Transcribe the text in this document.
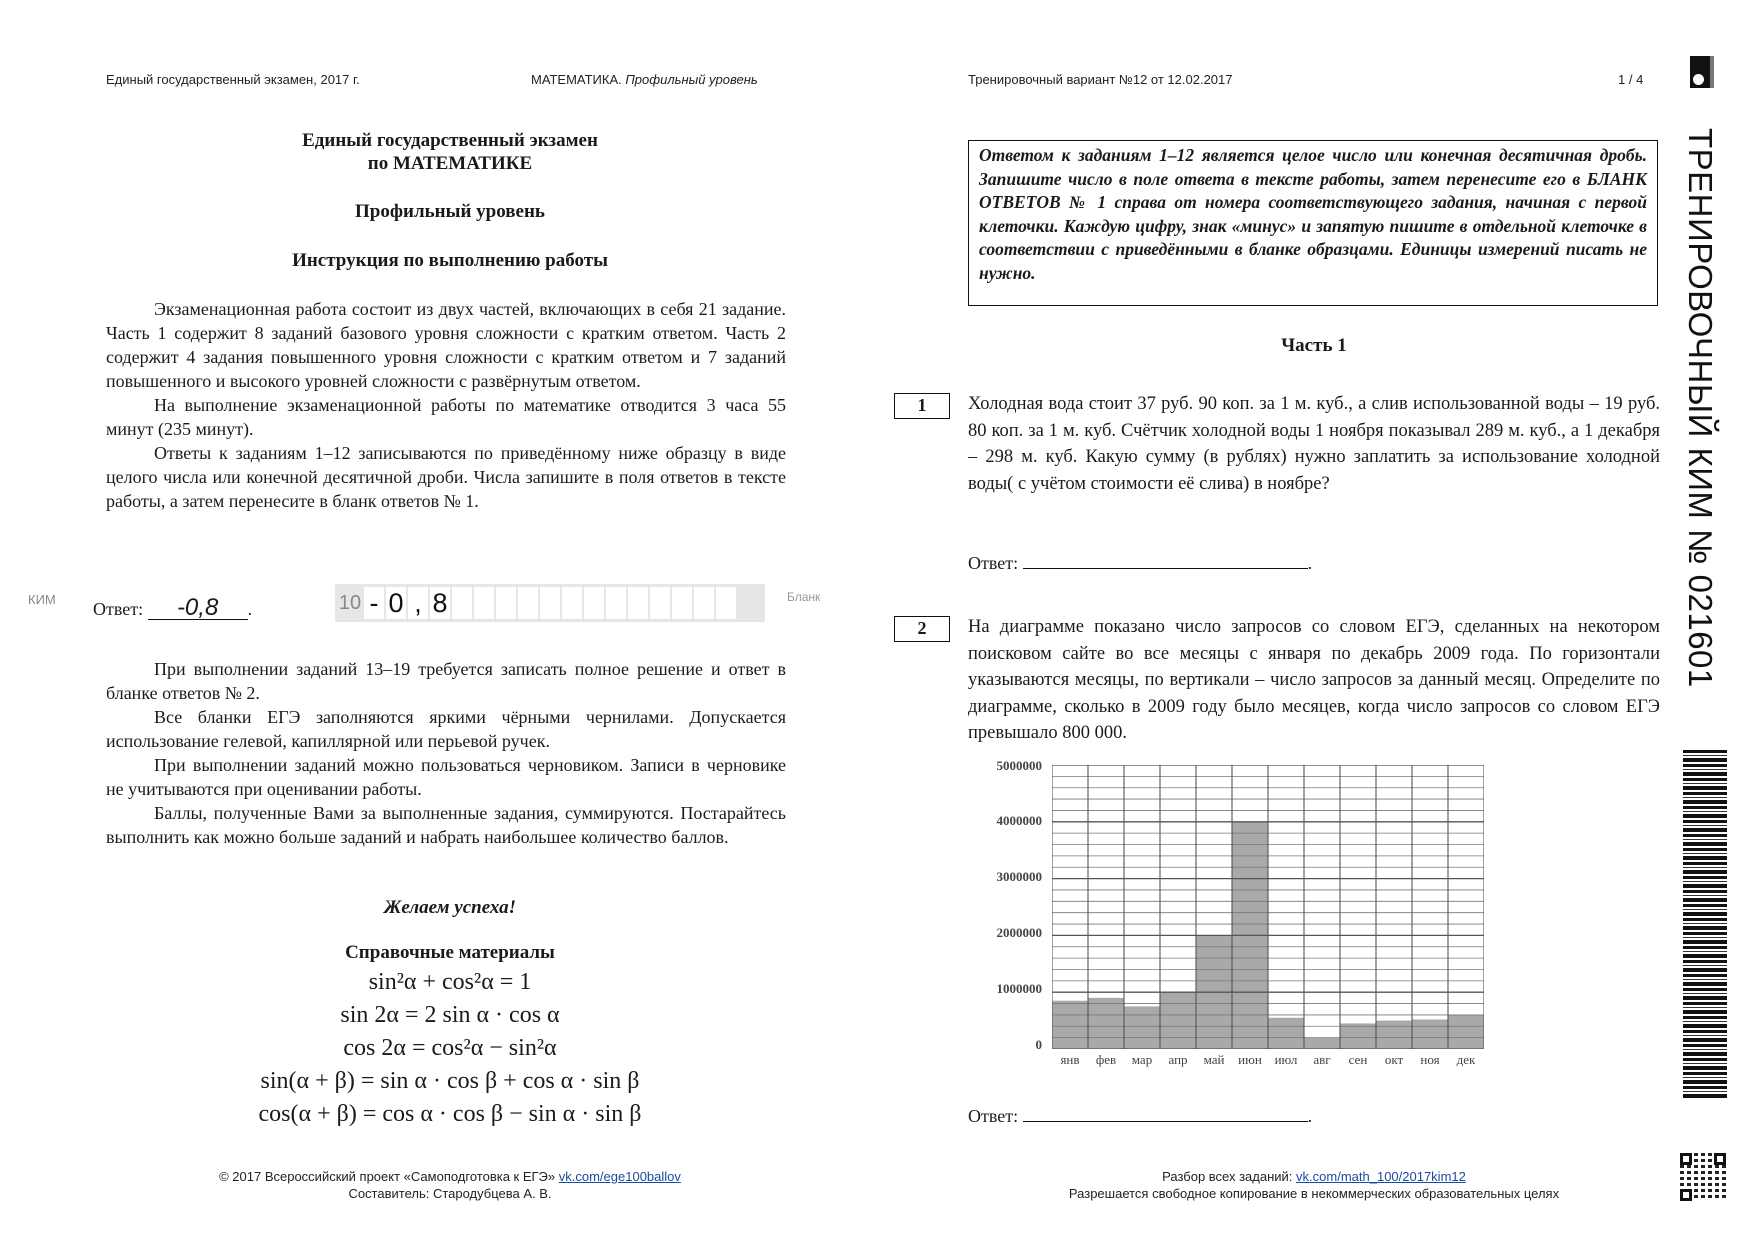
Единый государственный экзамен, 2017 г.	МАТЕМАТИКА. Профильный уровень	Тренировочный вариант №12 от 12.02.2017	1 / 4
Единый государственный экзамен
по МАТЕМАТИКЕ
Профильный уровень
Инструкция по выполнению работы

Экзаменационная работа состоит из двух частей, включающих в себя 21 задание. Часть 1 содержит 8 заданий базового уровня сложности с кратким ответом. Часть 2 содержит 4 задания повышенного уровня сложности с кратким ответом и 7 заданий повышенного и высокого уровней сложности с развёрнутым ответом.

На выполнение экзаменационной работы по математике отводится 3 часа 55 минут (235 минут).

Ответы к заданиям 1–12 записываются по приведённому ниже образцу в виде целого числа или конечной десятичной дроби. Числа запишите в поля ответов в тексте работы, а затем перенесите в бланк ответов № 1.

КИМ Ответ: -0,8 .	10 - 0 , 8	Бланк

При выполнении заданий 13–19 требуется записать полное решение и ответ в бланке ответов № 2.

Все бланки ЕГЭ заполняются яркими чёрными чернилами. Допускается использование гелевой, капиллярной или перьевой ручек.

При выполнении заданий можно пользоваться черновиком. Записи в черновике не учитываются при оценивании работы.

Баллы, полученные Вами за выполненные задания, суммируются. Постарайтесь выполнить как можно больше заданий и набрать наибольшее количество баллов.

Желаем успеха!
Справочные материалы
sin²α + cos²α = 1
sin 2α = 2 sin α · cos α
cos 2α = cos²α − sin²α
sin(α + β) = sin α · cos β + cos α · sin β
cos(α + β) = cos α · cos β − sin α · sin β
© 2017 Всероссийский проект «Самоподготовка к ЕГЭ» vk.com/ege100ballov
Составитель: Стародубцева А. В.
Ответом к заданиям 1–12 является целое число или конечная десятичная дробь. Запишите число в поле ответа в тексте работы, затем перенесите его в БЛАНК ОТВЕТОВ № 1 справа от номера соответствующего задания, начиная с первой клеточки. Каждую цифру, знак «минус» и запятую пишите в отдельной клеточке в соответствии с приведёнными в бланке образцами. Единицы измерений писать не нужно.
Часть 1
1	Холодная вода стоит 37 руб. 90 коп. за 1 м. куб., а слив использованной воды – 19 руб. 80 коп. за 1 м. куб. Счётчик холодной воды 1 ноября показывал 289 м. куб., а 1 декабря – 298 м. куб. Какую сумму (в рублях) нужно заплатить за использование холодной воды( с учётом стоимости её слива) в ноябре?
Ответ:	.
2	На диаграмме показано число запросов со словом ЕГЭ, сделанных на некотором поисковом сайте во все месяцы с января по декабрь 2009 года. По горизонтали указываются месяцы, по вертикали – число запросов за данный месяц. Определите по диаграмме, сколько в 2009 году было месяцев, когда число запросов со словом ЕГЭ превышало 800 000.
5000000
4000000
3000000
2000000
1000000
0
янв	фев	мар	апр	май	июн июл	авг	сен	окт	ноя	дек
Ответ:	.
Разбор всех заданий: vk.com/math_100/2017kim12
Разрешается свободное копирование в некоммерческих образовательных целях
ТРЕНИРОВОЧНЫЙ КИМ № 021601
